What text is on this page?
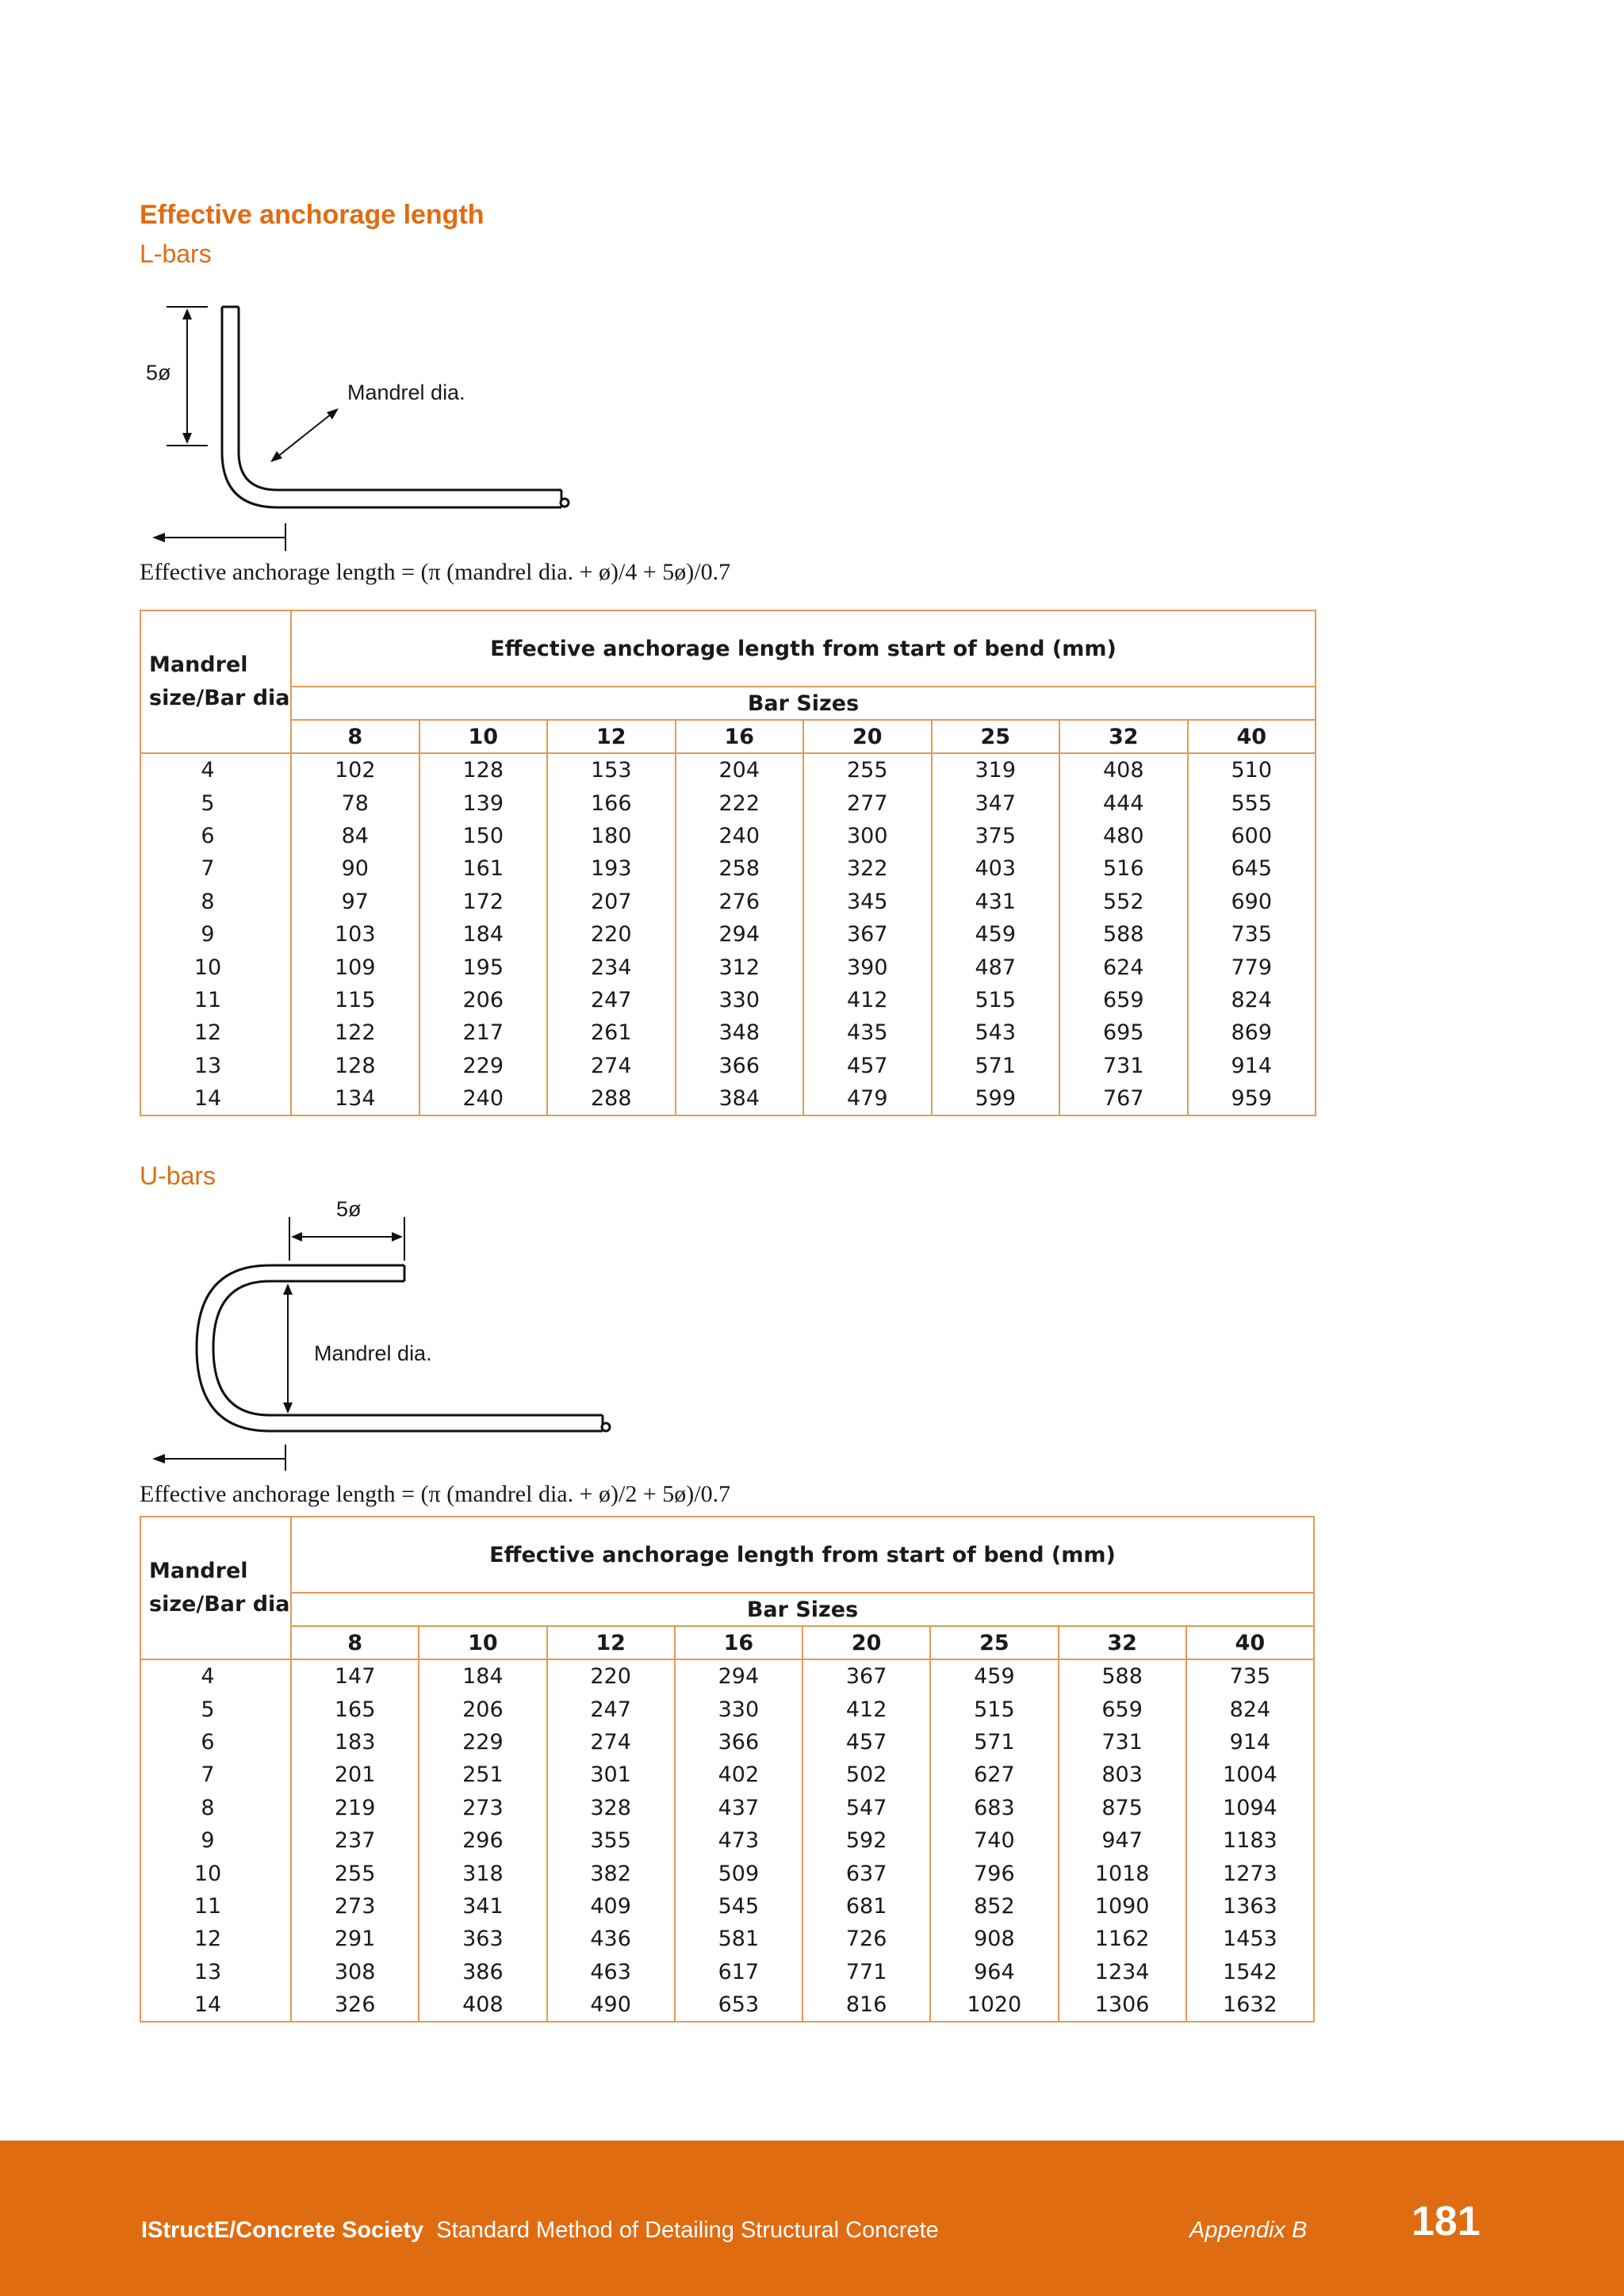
Effective anchorage length
L-bars
5ø
Mandrel dia.
Effective anchorage length = (π (mandrel dia. + ø)/4 + 5ø)/0.7
Mandrel size/Bar dia	Effective anchorage length from start of bend (mm)							
	Bar Sizes							
	8	10	12	16	20	25	32	40
4	102	128	153	204	255	319	408	510
5	78	139	166	222	277	347	444	555
6	84	150	180	240	300	375	480	600
7	90	161	193	258	322	403	516	645
8	97	172	207	276	345	431	552	690
9	103	184	220	294	367	459	588	735
10	109	195	234	312	390	487	624	779
11	115	206	247	330	412	515	659	824
12	122	217	261	348	435	543	695	869
13	128	229	274	366	457	571	731	914
14	134	240	288	384	479	599	767	959
U-bars
5ø
Mandrel dia.
Effective anchorage length = (π (mandrel dia. + ø)/2 + 5ø)/0.7
Mandrel size/Bar dia	Effective anchorage length from start of bend (mm)							
	Bar Sizes							
	8	10	12	16	20	25	32	40
4	147	184	220	294	367	459	588	735
5	165	206	247	330	412	515	659	824
6	183	229	274	366	457	571	731	914
7	201	251	301	402	502	627	803	1004
8	219	273	328	437	547	683	875	1094
9	237	296	355	473	592	740	947	1183
10	255	318	382	509	637	796	1018	1273
11	273	341	409	545	681	852	1090	1363
12	291	363	436	581	726	908	1162	1453
13	308	386	463	617	771	964	1234	1542
14	326	408	490	653	816	1020	1306	1632
IStructE/Concrete Society Standard Method of Detailing Structural Concrete	Appendix B	181
